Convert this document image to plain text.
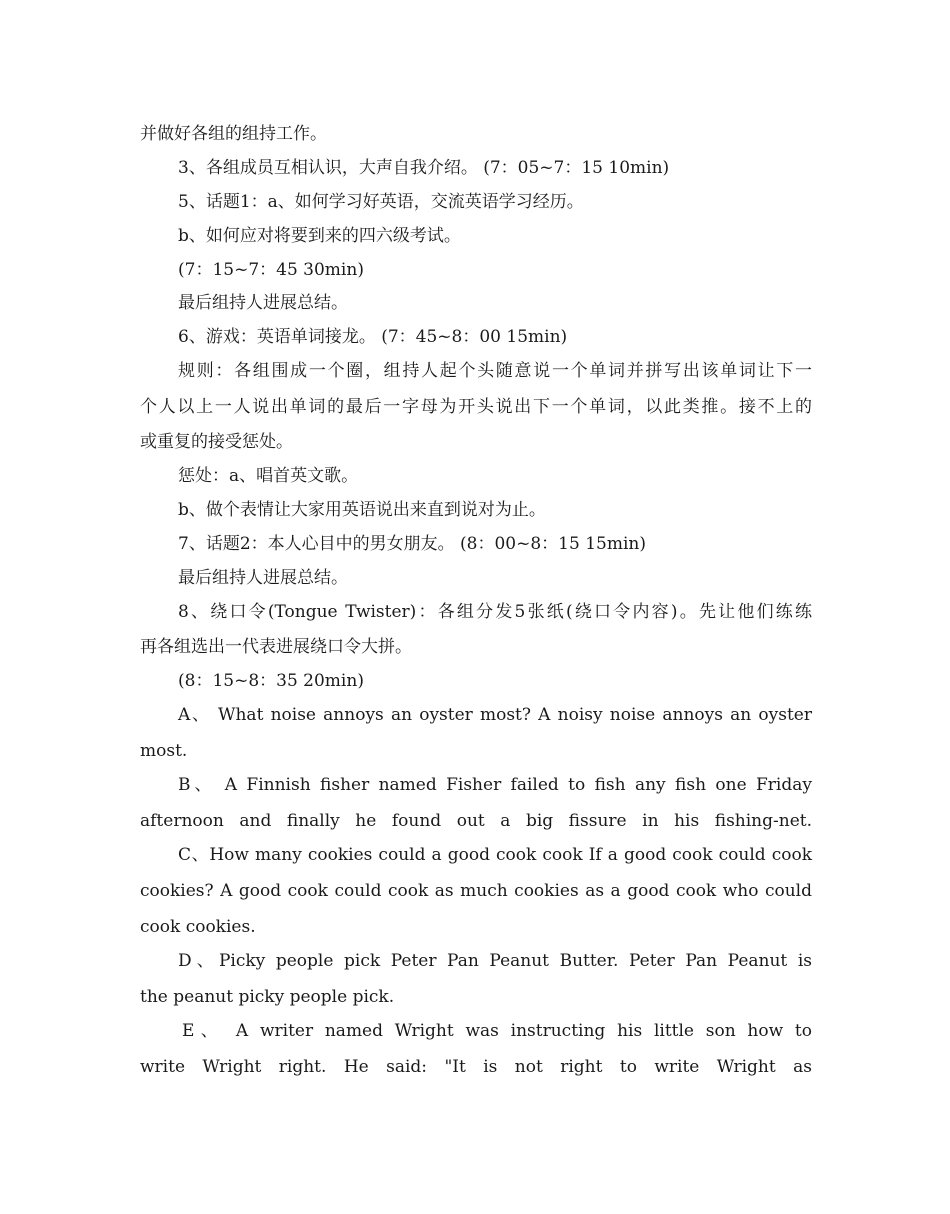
并做好各组的组持工作。
3、各组成员互相认识，大声自我介绍。 (7：05~7：15 10min)
5、话题1：a、如何学习好英语，交流英语学习经历。
b、如何应对将要到来的四六级考试。
(7：15~7：45 30min)
最后组持人进展总结。
6、游戏：英语单词接龙。 (7：45~8：00 15min)
规则：各组围成一个圈，组持人起个头随意说一个单词并拼写出该单词让下一
个人以上一人说出单词的最后一字母为开头说出下一个单词，以此类推。接不上的
或重复的接受惩处。
惩处：a、唱首英文歌。
b、做个表情让大家用英语说出来直到说对为止。
7、话题2：本人心目中的男女朋友。 (8：00~8：15 15min)
最后组持人进展总结。
8、绕口令(Tongue Twister)：各组分发5张纸(绕口令内容)。先让他们练练
再各组选出一代表进展绕口令大拼。
(8：15~8：35 20min)
A、 What noise annoys an oyster most? A noisy noise annoys an oyster
most.
B、 A Finnish fisher named Fisher failed to fish any fish one Friday
afternoon and finally he found out a big fissure in his fishing-net.
C、How many cookies could a good cook cook If a good cook could cook
cookies? A good cook could cook as much cookies as a good cook who could
cook cookies.
D、Picky people pick Peter Pan Peanut Butter. Peter Pan Peanut is
the peanut picky people pick.
E、 A writer named Wright was instructing his little son how to
write Wright right. He said: "It is not right to write Wright as
